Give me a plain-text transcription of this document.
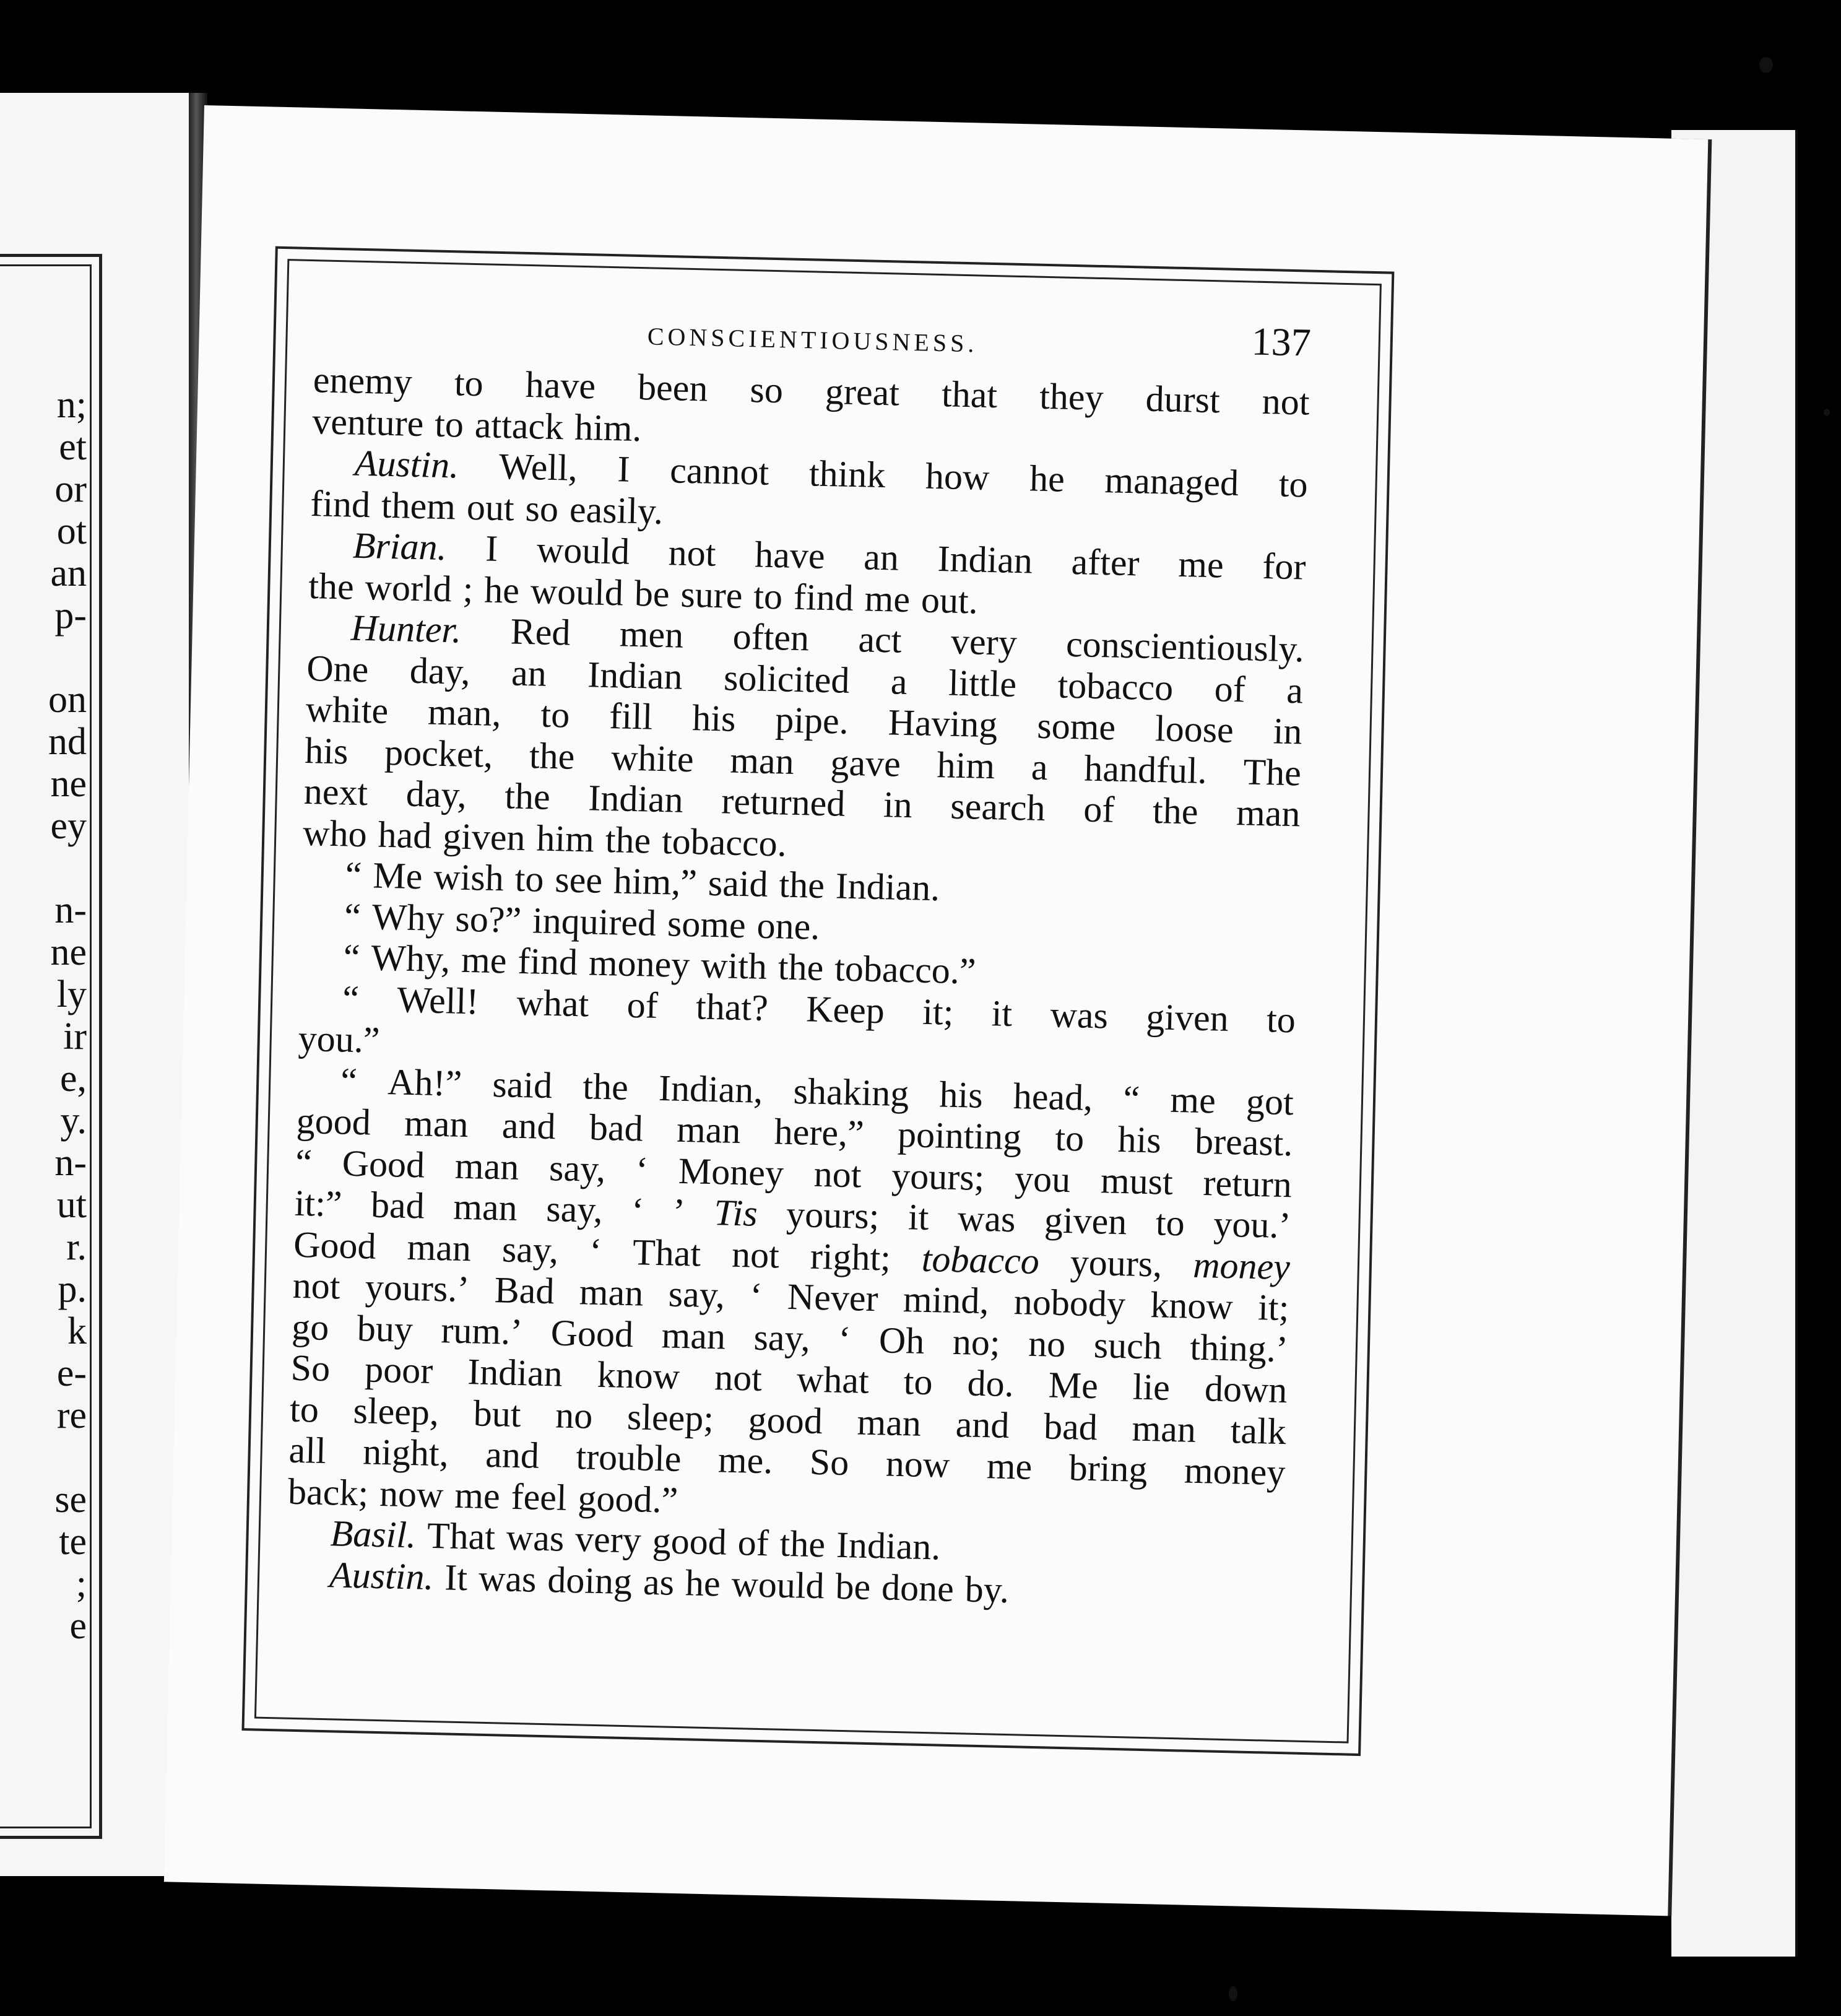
n;
et
or
ot
an
p-
on
nd
ne
ey
n-
ne
ly
ir
e,
y.
n-
ut
r.
p.
k
e-
re
se
te
;
e
CONSCIENTIOUSNESS.	137
enemy to have been so great that they durst not
venture to attack him.
Austin. Well, I cannot think how he managed to
find them out so easily.
Brian. I would not have an Indian after me for
the world ; he would be sure to find me out.
Hunter. Red men often act very conscientiously.
One day, an Indian solicited a little tobacco of a
white man, to fill his pipe. Having some loose in
his pocket, the white man gave him a handful. The
next day, the Indian returned in search of the man
who had given him the tobacco.
“ Me wish to see him,” said the Indian.
“ Why so?” inquired some one.
“ Why, me find money with the tobacco.”
“ Well! what of that? Keep it; it was given to
you.”
“ Ah!” said the Indian, shaking his head, “ me got
good man and bad man here,” pointing to his breast.
“ Good man say, ‘ Money not yours; you must return
it:” bad man say, ‘ ’ Tis yours; it was given to you.’
Good man say, ‘ That not right; tobacco yours, money
not yours.’ Bad man say, ‘ Never mind, nobody know it;
go buy rum.’ Good man say, ‘ Oh no; no such thing.’
So poor Indian know not what to do. Me lie down
to sleep, but no sleep; good man and bad man talk
all night, and trouble me. So now me bring money
back; now me feel good.”
Basil. That was very good of the Indian.
Austin. It was doing as he would be done by.
